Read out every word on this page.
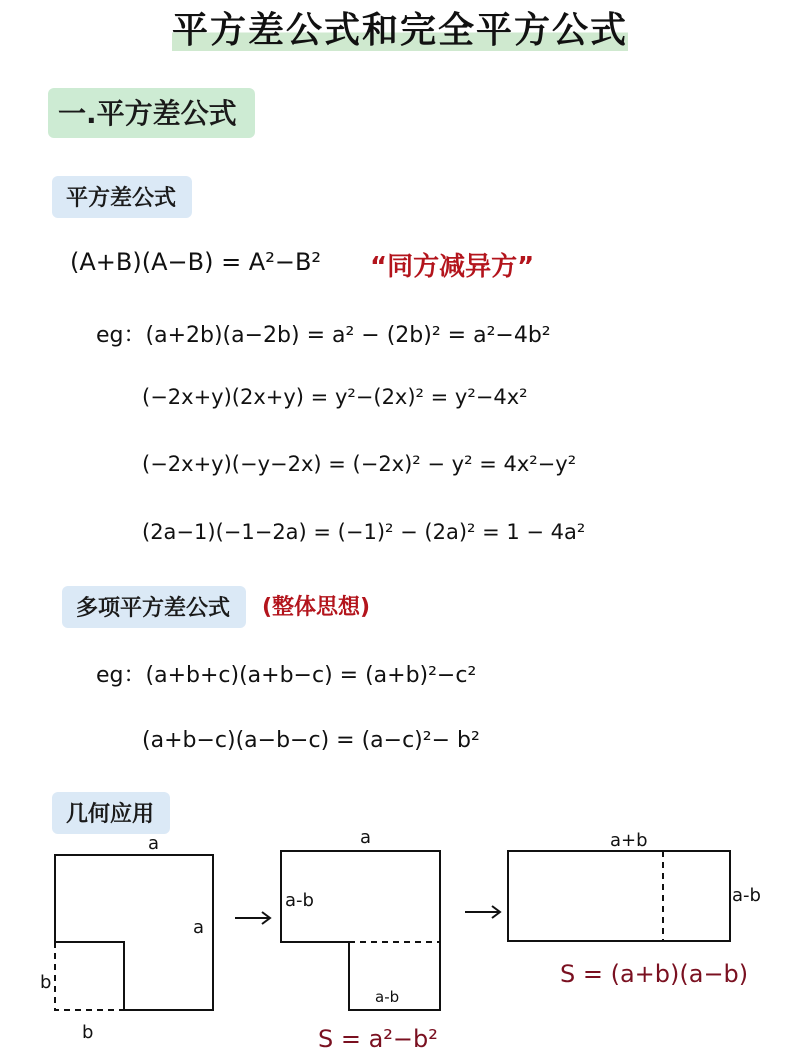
平方差公式和完全平方公式
一.平方差公式
平方差公式
(A+B)(A−B) = A²−B² “同方减异方”
eg：(a+2b)(a−2b) = a² − (2b)² = a²−4b²
(−2x+y)(2x+y) = y²−(2x)² = y²−4x²
(−2x+y)(−y−2x) = (−2x)² − y² = 4x²−y²
(2a−1)(−1−2a) = (−1)² − (2a)² = 1 − 4a²
多项平方差公式	(整体思想)
eg：(a+b+c)(a+b−c) = (a+b)²−c²
(a+b−c)(a−b−c) = (a−c)²− b²
几何应用
a
a
b
b
a
a-b
a-b
a+b
a-b
S = a²−b²
S = (a+b)(a−b)
